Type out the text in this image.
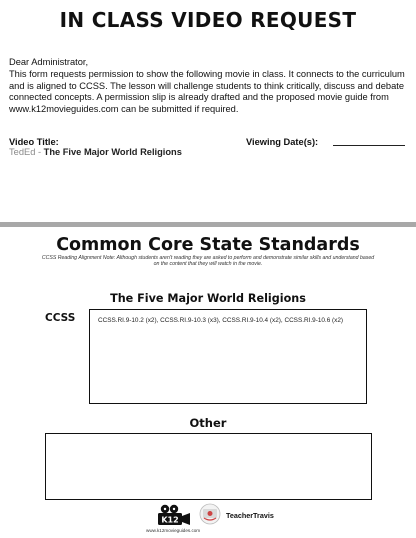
IN CLASS VIDEO REQUEST

Dear Administrator,

This form requests permission to show the following movie in class. It connects to the curriculum and is aligned to CCSS. The lesson will challenge students to think critically, discuss and debate connected concepts. A permission slip is already drafted and the proposed movie guide from www.k12movieguides.com can be submitted if required.

Video Title:
TedEd - The Five Major World Religions
Viewing Date(s):
Common Core State Standards
CCSS Reading Alignment Note: Although students aren't reading they are asked to perform and demonstrate similar skills and understand based on the content that they will watch in the movie.
The Five Major World Religions
CCSS	CCSS.RI.9-10.2 (x2), CCSS.RI.9-10.3 (x3), CCSS.RI.9-10.4 (x2), CCSS.RI.9-10.6 (x2)
Other
K12
www.k12movieguides.com
TeacherTravis
